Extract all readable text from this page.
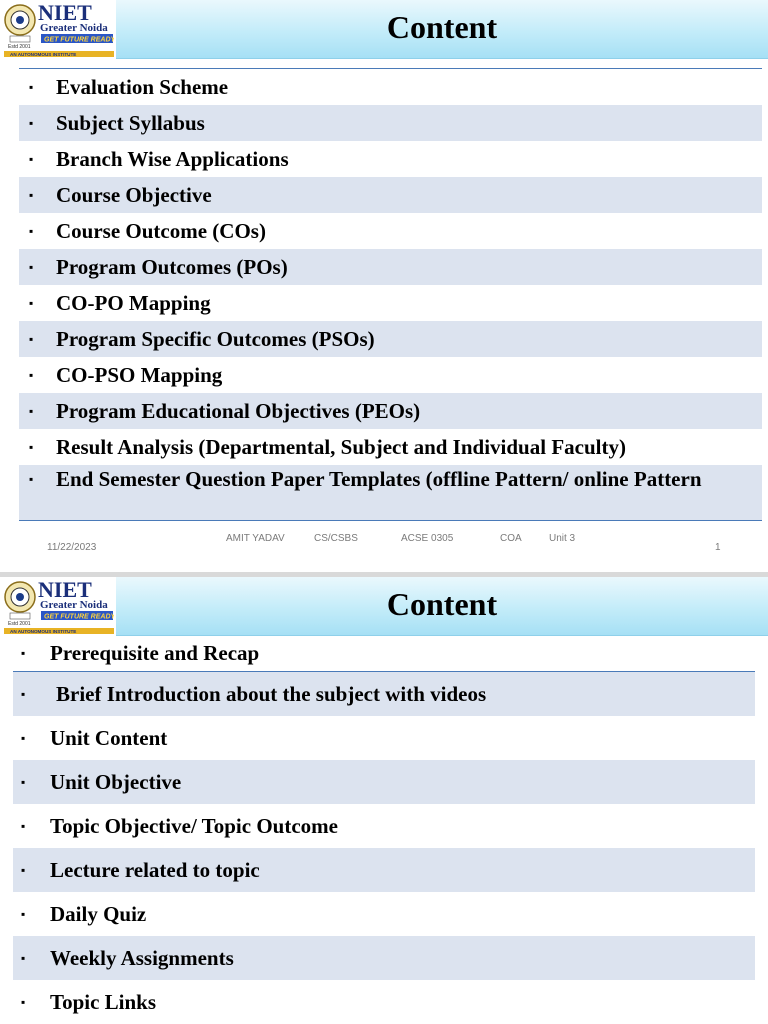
NIET
Greater Noida
GET FUTURE READY
Estd 2001
AN AUTONOMOUS INSTITUTE
Content
▪ Evaluation Scheme
▪ Subject Syllabus
▪ Branch Wise Applications
▪ Course Objective
▪ Course Outcome (COs)
▪ Program Outcomes (POs)
▪ CO-PO Mapping
▪ Program Specific Outcomes (PSOs)
▪ CO-PSO Mapping
▪ Program Educational Objectives (PEOs)
▪ Result Analysis (Departmental, Subject and Individual Faculty)
▪ End Semester Question Paper Templates (offline Pattern/ online Pattern
11/22/2023
AMIT YADAV	CS/CSBS	ACSE 0305	COA	Unit 3
1
NIET
Greater Noida
GET FUTURE READY
Estd 2001
AN AUTONOMOUS INSTITUTE
Content
▪ Prerequisite and Recap
▪ Brief Introduction about the subject with videos
▪ Unit Content
▪ Unit Objective
▪ Topic Objective/ Topic Outcome
▪ Lecture related to topic
▪ Daily Quiz
▪ Weekly Assignments
▪ Topic Links
